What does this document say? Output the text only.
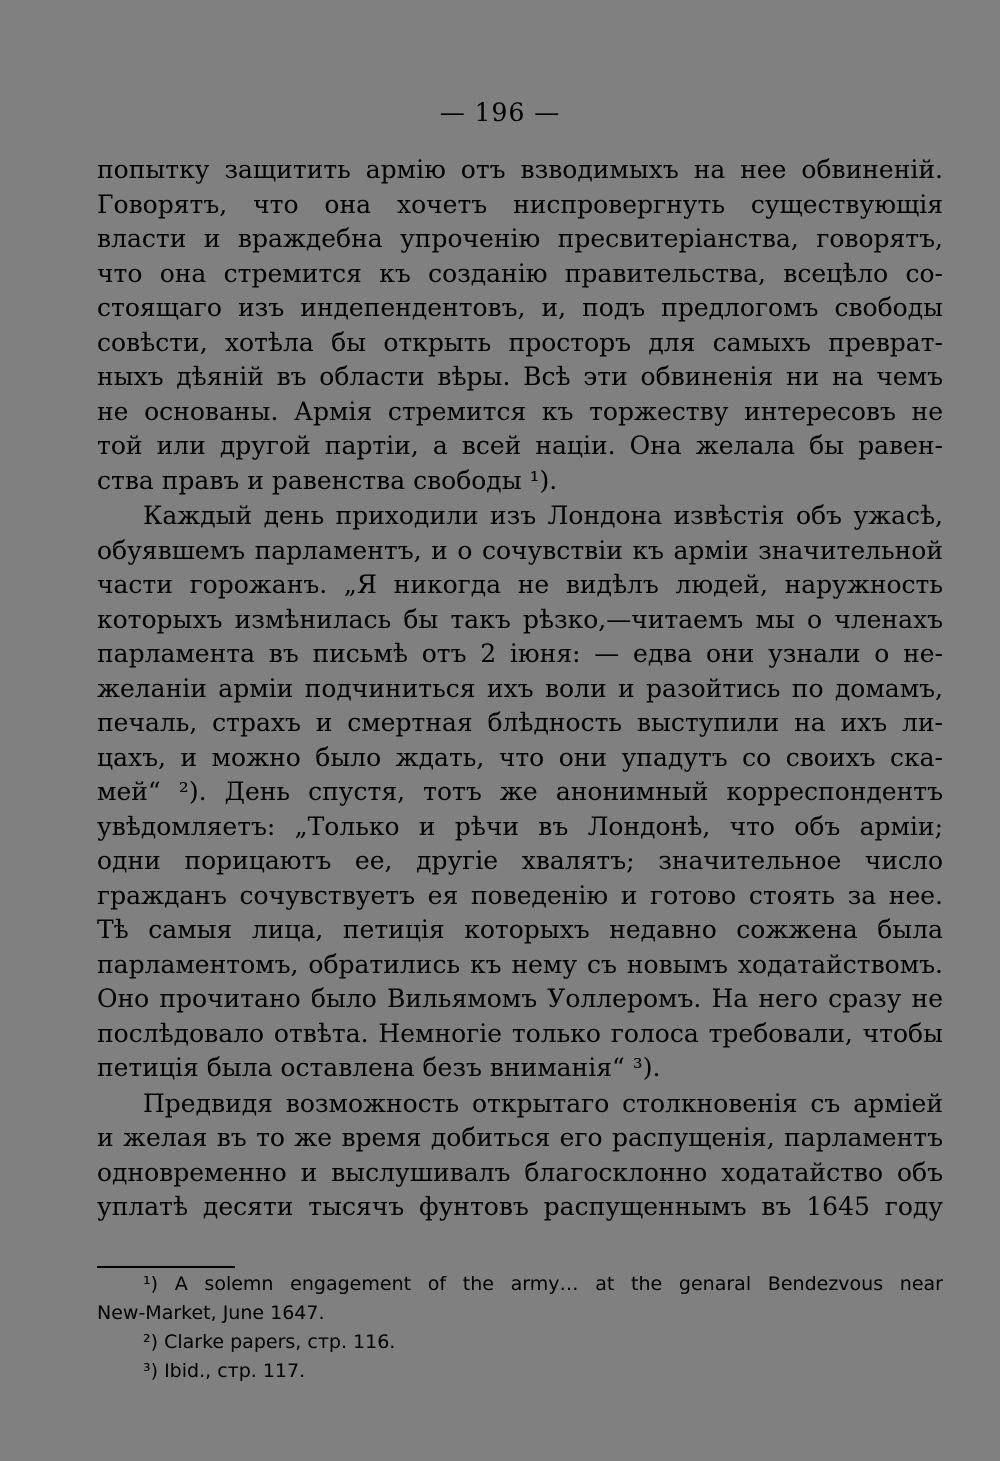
— 196 —
попытку защитить армію отъ взводимыхъ на нее обвиненій.
Говорятъ, что она хочетъ ниспровергнуть существующія
власти и враждебна упроченію пресвитеріанства, говорятъ,
что она стремится къ созданію правительства, всецѣло со-
стоящаго изъ индепендентовъ, и, подъ предлогомъ свободы
совѣсти, хотѣла бы открыть просторъ для самыхъ преврат-
ныхъ дѣяній въ области вѣры. Всѣ эти обвиненія ни на чемъ
не основаны. Армія стремится къ торжеству интересовъ не
той или другой партіи, а всей націи. Она желала бы равен-
ства правъ и равенства свободы ¹).
Каждый день приходили изъ Лондона извѣстія объ ужасѣ,
обуявшемъ парламентъ, и о сочувствіи къ арміи значительной
части горожанъ. „Я никогда не видѣлъ людей, наружность
которыхъ измѣнилась бы такъ рѣзко,—читаемъ мы о членахъ
парламента въ письмѣ отъ 2 іюня: — едва они узнали о не-
желаніи арміи подчиниться ихъ воли и разойтись по домамъ,
печаль, страхъ и смертная блѣдность выступили на ихъ ли-
цахъ, и можно было ждать, что они упадутъ со своихъ ска-
мей“ ²). День спустя, тотъ же анонимный корреспондентъ
увѣдомляетъ: „Только и рѣчи въ Лондонѣ, что объ арміи;
одни порицаютъ ее, другіе хвалятъ; значительное число
гражданъ сочувствуетъ ея поведенію и готово стоять за нее.
Тѣ самыя лица, петиція которыхъ недавно сожжена была
парламентомъ, обратились къ нему съ новымъ ходатайствомъ.
Оно прочитано было Вильямомъ Уоллеромъ. На него сразу не
послѣдовало отвѣта. Немногіе только голоса требовали, чтобы
петиція была оставлена безъ вниманія“ ³).
Предвидя возможность открытаго столкновенія съ арміей
и желая въ то же время добиться его распущенія, парламентъ
одновременно и выслушивалъ благосклонно ходатайство объ
уплатѣ десяти тысячъ фунтовъ распущеннымъ въ 1645 году
¹) A solemn engagement of the army… at the genaral Bendezvous near
New-Market, June 1647.
²) Clarke papers, стр. 116.
³) Ibid., стр. 117.
